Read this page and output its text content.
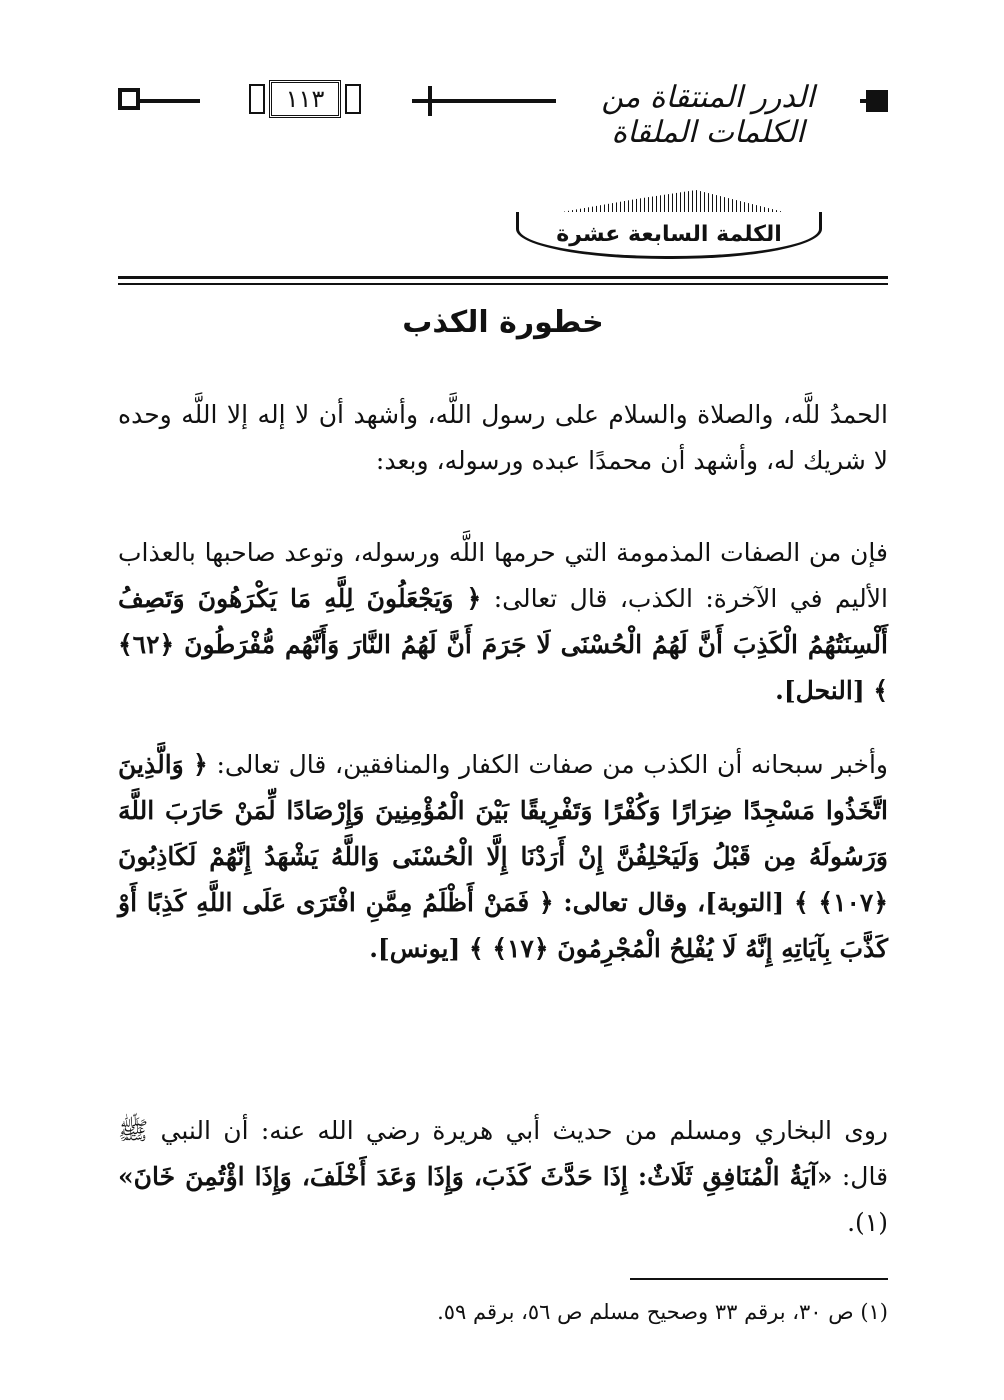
١١٣	الدرر المنتقاة من الكلمات الملقاة
الكلمة السابعة عشرة
خطورة الكذب
الحمدُ للَّه، والصلاة والسلام على رسول اللَّه، وأشهد أن لا إله إلا اللَّه وحده لا شريك له، وأشهد أن محمدًا عبده ورسوله، وبعد:
فإن من الصفات المذمومة التي حرمها اللَّه ورسوله، وتوعد صاحبها بالعذاب الأليم في الآخرة: الكذب، قال تعالى: ﴿ وَيَجْعَلُونَ لِلَّهِ مَا يَكْرَهُونَ وَتَصِفُ أَلْسِنَتُهُمُ الْكَذِبَ أَنَّ لَهُمُ الْحُسْنَى لَا جَرَمَ أَنَّ لَهُمُ النَّارَ وَأَنَّهُم مُّفْرَطُونَ ﴿٦٢﴾ ﴾ [النحل].
وأخبر سبحانه أن الكذب من صفات الكفار والمنافقين، قال تعالى: ﴿ وَالَّذِينَ اتَّخَذُوا مَسْجِدًا ضِرَارًا وَكُفْرًا وَتَفْرِيقًا بَيْنَ الْمُؤْمِنِينَ وَإِرْصَادًا لِّمَنْ حَارَبَ اللَّهَ وَرَسُولَهُ مِن قَبْلُ وَلَيَحْلِفُنَّ إِنْ أَرَدْنَا إِلَّا الْحُسْنَى وَاللَّهُ يَشْهَدُ إِنَّهُمْ لَكَاذِبُونَ ﴿١٠٧﴾ ﴾ [التوبة]، وقال تعالى: ﴿ فَمَنْ أَظْلَمُ مِمَّنِ افْتَرَى عَلَى اللَّهِ كَذِبًا أَوْ كَذَّبَ بِآيَاتِهِ إِنَّهُ لَا يُفْلِحُ الْمُجْرِمُونَ ﴿١٧﴾ ﴾ [يونس].
روى البخاري ومسلم من حديث أبي هريرة رضي الله عنه: أن النبي ﷺ قال: «آيَةُ الْمُنَافِقِ ثَلَاثٌ: إِذَا حَدَّثَ كَذَبَ، وَإِذَا وَعَدَ أَخْلَفَ، وَإِذَا اؤْتُمِنَ خَانَ» (١).
(١) ص ٣٠، برقم ٣٣ وصحيح مسلم ص ٥٦، برقم ٥٩.
